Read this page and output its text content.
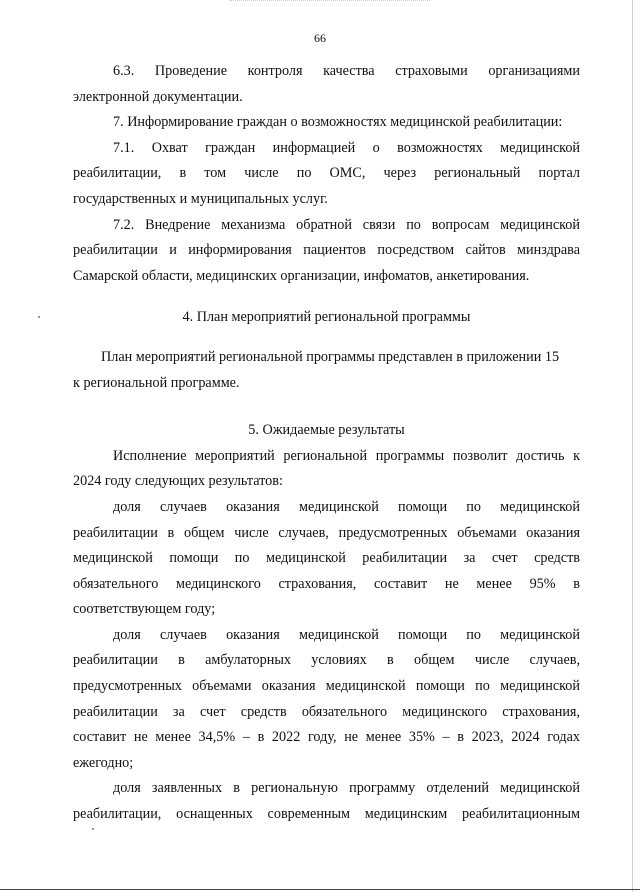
66

6.3. Проведение контроля качества страховыми организациями

электронной документации.

7. Информирование граждан о возможностях медицинской реабилитации:

7.1. Охват граждан информацией о возможностях медицинской

реабилитации, в том числе по ОМС, через региональный портал

государственных и муниципальных услуг.

7.2. Внедрение механизма обратной связи по вопросам медицинской

реабилитации и информирования пациентов посредством сайтов минздрава

Самарской области, медицинских организации, инфоматов, анкетирования.

4. План мероприятий региональной программы

План мероприятий региональной программы представлен в приложении 15

к региональной программе.

5. Ожидаемые результаты

Исполнение мероприятий региональной программы позволит достичь к

2024 году следующих результатов:

доля случаев оказания медицинской помощи по медицинской

реабилитации в общем числе случаев, предусмотренных объемами оказания

медицинской помощи по медицинской реабилитации за счет средств

обязательного медицинского страхования, составит не менее 95% в

соответствующем году;

доля случаев оказания медицинской помощи по медицинской

реабилитации в амбулаторных условиях в общем числе случаев,

предусмотренных объемами оказания медицинской помощи по медицинской

реабилитации за счет средств обязательного медицинского страхования,

составит не менее 34,5% – в 2022 году, не менее 35% – в 2023, 2024 годах

ежегодно;

доля заявленных в региональную программу отделений медицинской

реабилитации, оснащенных современным медицинским реабилитационным
